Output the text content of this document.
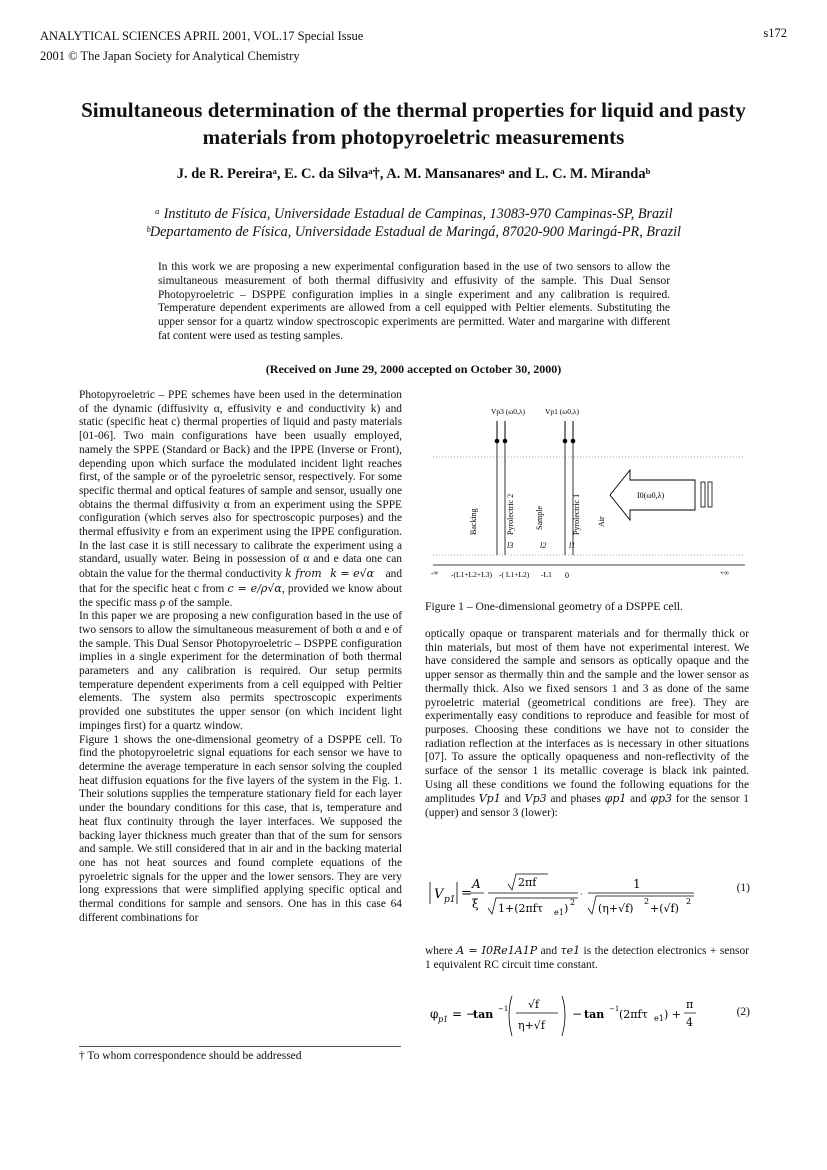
ANALYTICAL SCIENCES APRIL 2001, VOL.17 Special Issue
2001 © The Japan Society for Analytical Chemistry
s172
Simultaneous determination of the thermal properties for liquid and pasty materials from photopyroeletric measurements
J. de R. Pereiraᵃ, E. C. da Silvaᵃ†, A. M. Mansanaresᵃ and L. C. M. Mirandaᵇ
ᵃ Instituto de Física, Universidade Estadual de Campinas, 13083-970 Campinas-SP, Brazil
ᵇDepartamento de Física, Universidade Estadual de Maringá, 87020-900 Maringá-PR, Brazil
In this work we are proposing a new experimental configuration based in the use of two sensors to allow the simultaneous measurement of both thermal diffusivity and effusivity of the sample. This Dual Sensor Photopyroeletric – DSPPE configuration implies in a single experiment and any calibration is required. Temperature dependent experiments are allowed from a cell equipped with Peltier elements. Substituting the upper sensor for a quartz window spectroscopic experiments are permitted. Water and margarine with different fat content were used as testing samples.
(Received on June 29, 2000 accepted on October 30, 2000)

Photopyroeletric – PPE schemes have been used in the determination of the dynamic (diffusivity α, effusivity e and conductivity k) and static (specific heat c) thermal properties of liquid and pasty materials [01-06]. Two main configurations have been usually employed, namely the SPPE (Standard or Back) and the IPPE (Inverse or Front), depending upon which surface the modulated incident light reaches first, of the sample or of the pyroeletric sensor, respectively. For some specific thermal and optical features of sample and sensor, usually one obtains the thermal diffusivity α from an experiment using the SPPE configuration (which serves also for spectroscopic purposes) and the thermal effusivity e from an experiment using the IPPE configuration. In the last case it is still necessary to calibrate the experiment using a standard, usually water. Being in possession of α and e data one can obtain the value for the thermal conductivity k from k = e√α and that for the specific heat c from c = e/ρ√α, provided we know about the specific mass ρ of the sample.

In this paper we are proposing a new configuration based in the use of two sensors to allow the simultaneous measurement of both α and e of the sample. This Dual Sensor Photopyroeletric – DSPPE configuration implies in a single experiment for the determination of both thermal parameters and any calibration is required. Our setup permits temperature dependent experiments from a cell equipped with Peltier elements. The system also permits spectroscopic experiments provided one substitutes the upper sensor (on which incident light impinges first) for a quartz window.

Figure 1 shows the one-dimensional geometry of a DSPPE cell. To find the photopyroeletric signal equations for each sensor we have to determine the average temperature in each sensor solving the coupled heat diffusion equations for the five layers of the system in the Fig. 1. Their solutions supplies the temperature stationary field for each layer under the boundary conditions for this case, that is, temperature and heat flux continuity through the layer interfaces. We supposed the backing layer thickness much greater than that of the sum for sensors and sample. We still considered that in air and in the backing material one has not heat sources and found complete equations of the pyroeletric signals for the upper and the lower sensors. They are very long expressions that were simplified applying specific optical and thermal conditions for sample and sensors. One has in this case 64 different combinations for

Vp3 (ω0,λ)	Vp1 (ω0,λ)
Backing	Pyrolectric 2	Sample	Pyrolectric 1 Air
l3	l2	l1
I0(ω0,λ)
-∞ -(L1+L2+L3) -( L1+L2) -L1 0	+∞
Figure 1 – One-dimensional geometry of a DSPPE cell.
optically opaque or transparent materials and for thermally thick or thin materials, but most of them have not experimental interest. We have considered the sample and sensors as optically opaque and the upper sensor as thermally thin and the sample and the lower sensor as thermally thick. Also we fixed sensors 1 and 3 as done of the same pyroeletric material (geometrical conditions are free). They are experimentally easy conditions to reproduce and feasible for most of purposes. Choosing these conditions we have not to consider the radiation reflection at the interfaces as is necessary in other situations [07]. To assure the optically opaqueness and non-reflectivity of the surface of the sensor 1 its metallic coverage is black ink painted. Using all these conditions we found the following equations for the amplitudes Vp1 and Vp3 and phases φp1 and φp3 for the sensor 1 (upper) and sensor 3 (lower):
V p1 =
A
ξ
2πf
1+(2πfτ e1 ) 2
·
1
(η+√f)
2
+(√f)
2
(1)
where A = I0Re1A1P and τe1 is the detection electronics + sensor 1 equivalent RC circuit time constant.
φ p1 = −
tan −1 √f
η+√f
− tan −1 (2πfτ e1 ) +
π
4
(2)
† To whom correspondence should be addressed
